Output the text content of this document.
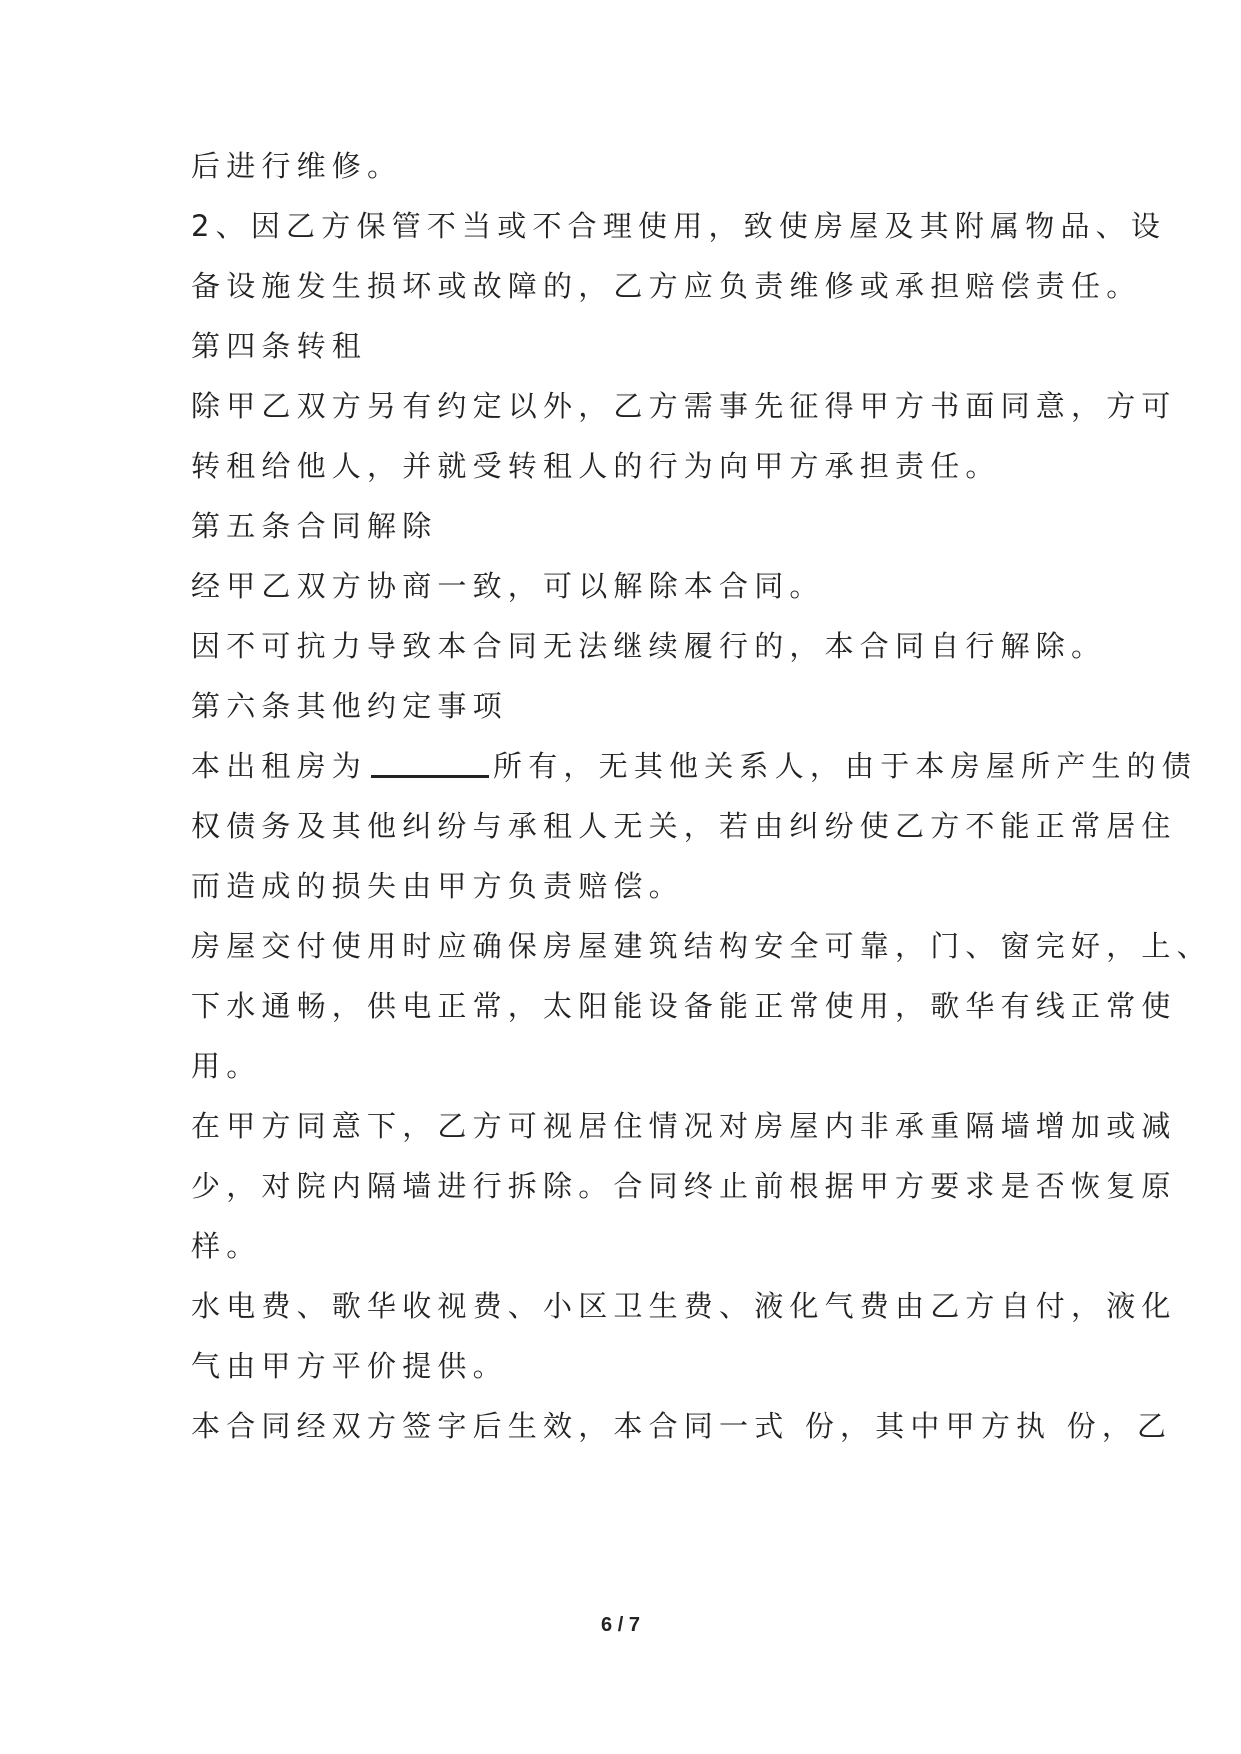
后进行维修。
2、因乙方保管不当或不合理使用，致使房屋及其附属物品、设
备设施发生损坏或故障的，乙方应负责维修或承担赔偿责任。
第四条转租
除甲乙双方另有约定以外，乙方需事先征得甲方书面同意，方可
转租给他人，并就受转租人的行为向甲方承担责任。
第五条合同解除
经甲乙双方协商一致，可以解除本合同。
因不可抗力导致本合同无法继续履行的，本合同自行解除。
第六条其他约定事项
本出租房为	所有，无其他关系人，由于本房屋所产生的债
权债务及其他纠纷与承租人无关，若由纠纷使乙方不能正常居住
而造成的损失由甲方负责赔偿。
房屋交付使用时应确保房屋建筑结构安全可靠，门、窗完好，上、
下水通畅，供电正常，太阳能设备能正常使用，歌华有线正常使
用。
在甲方同意下，乙方可视居住情况对房屋内非承重隔墙增加或减
少，对院内隔墙进行拆除。合同终止前根据甲方要求是否恢复原
样。
水电费、歌华收视费、小区卫生费、液化气费由乙方自付，液化
气由甲方平价提供。
本合同经双方签字后生效，本合同一式 份，其中甲方执 份，乙
6 / 7
